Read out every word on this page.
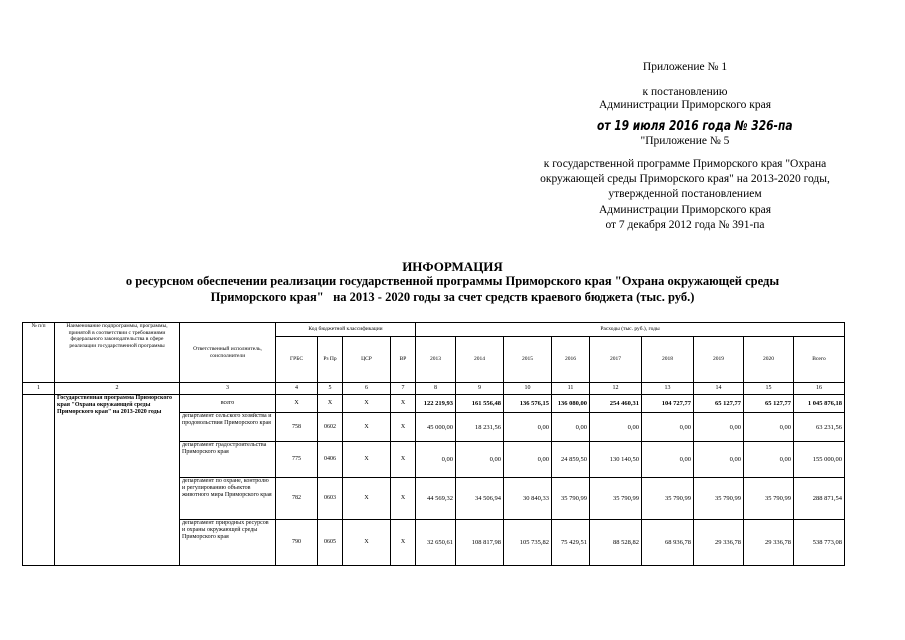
Приложение № 1
к постановлению
Администрации Приморского края
от 19 июля 2016 года № 326-па
"Приложение № 5
к государственной программе Приморского края "Охрана
окружающей среды Приморского края" на 2013-2020 годы,
утвержденной постановлением
Администрации Приморского края
от 7 декабря 2012 года № 391-па
ИНФОРМАЦИЯ
о ресурсном обеспечении реализации государственной программы Приморского края "Охрана окружающей среды
Приморского края"   на 2013 - 2020 годы за счет средств краевого бюджета (тыс. руб.)
№ п/п	Наименование подпрограммы, программы, принятой в соответствии с требованиями федерального законодательства в сфере реализации государственной программы	Ответственный исполнитель, соисполнители	Код бюджетной классификации				Расходы (тыс. руб.), годы								
			ГРБС	Рз Пр	ЦСР	ВР	2013	2014	2015	2016	2017	2018	2019	2020	Всего
1	2	3	4	5	6	7	8	9	10	11	12	13	14	15	16
	Государственная программа Приморского края "Охрана окружающей среды Приморского края" на 2013-2020 годы	всего	Х	Х	Х	Х	122 219,93	161 556,48	136 576,15	136 080,00	254 460,31	104 727,77	65 127,77	65 127,77	1 045 876,18
		департамент сельского хозяйства и продовольствия Приморского края	758	0602	Х	Х	45 000,00	18 231,56	0,00	0,00	0,00	0,00	0,00	0,00	63 231,56
		департамент градостроительства Приморского края	775	0406	Х	Х	0,00	0,00	0,00	24 859,50	130 140,50	0,00	0,00	0,00	155 000,00
		департамент по охране, контролю и регулированию объектов животного мира Приморского края	782	0603	Х	Х	44 569,32	34 506,94	30 840,33	35 790,99	35 790,99	35 790,99	35 790,99	35 790,99	288 871,54
		департамент природных ресурсов и охраны окружающей среды Приморского края	790	0605	Х	Х	32 650,61	108 817,98	105 735,82	75 429,51	88 528,82	68 936,78	29 336,78	29 336,78	538 773,08
